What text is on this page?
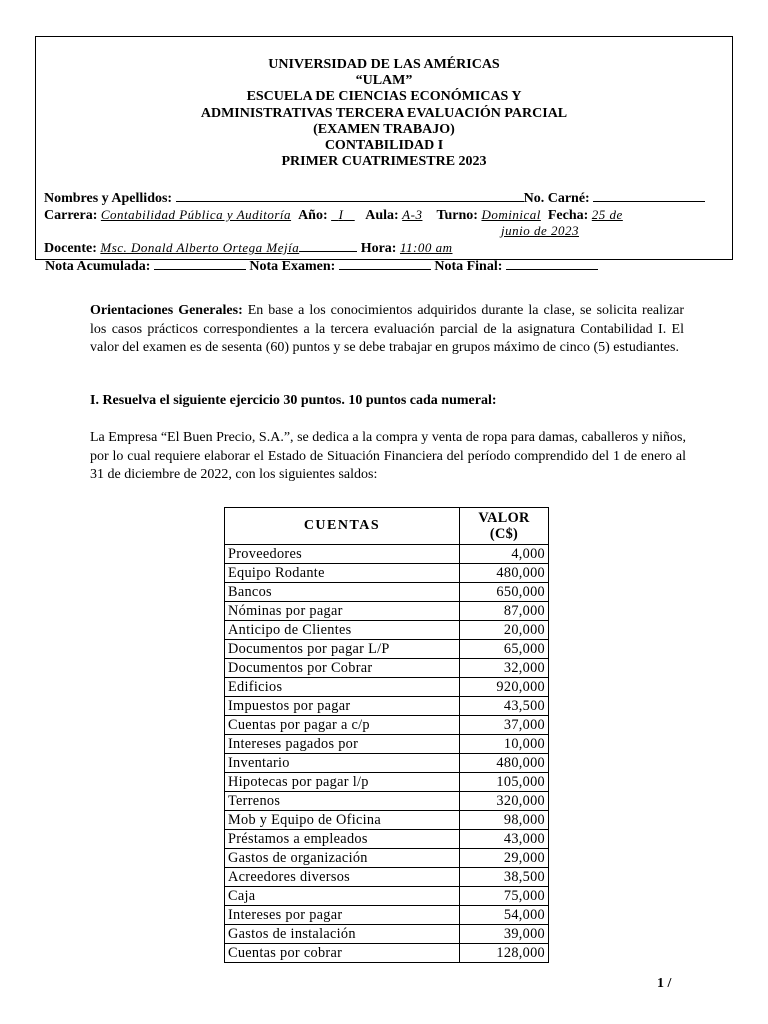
UNIVERSIDAD DE LAS AMÉRICAS
“ULAM”
ESCUELA DE CIENCIAS ECONÓMICAS Y
ADMINISTRATIVAS TERCERA EVALUACIÓN PARCIAL
(EXAMEN TRABAJO)
CONTABILIDAD I
PRIMER CUATRIMESTRE 2023
Nombres y Apellidos:	No. Carné:
Carrera: Contabilidad Pública y Auditoría Año: I Aula: A-3 Turno: Dominical Fecha: 25 de
junio de 2023
Docente: Msc. Donald Alberto Ortega Mejía	Hora: 11:00 am
Nota Acumulada:	Nota Examen:	Nota Final:
Orientaciones Generales: En base a los conocimientos adquiridos durante la clase, se solicita realizar los casos prácticos correspondientes a la tercera evaluación parcial de la asignatura Contabilidad I. El valor del examen es de sesenta (60) puntos y se debe trabajar en grupos máximo de cinco (5) estudiantes.
I. Resuelva el siguiente ejercicio 30 puntos. 10 puntos cada numeral:
La Empresa “El Buen Precio, S.A.”, se dedica a la compra y venta de ropa para damas, caballeros y niños, por lo cual requiere elaborar el Estado de Situación Financiera del período comprendido del 1 de enero al 31 de diciembre de 2022, con los siguientes saldos:
CUENTAS	VALOR
(C$)

Proveedores	4,000
Equipo Rodante	480,000
Bancos	650,000
Nóminas por pagar	87,000
Anticipo de Clientes	20,000
Documentos por pagar L/P	65,000
Documentos por Cobrar	32,000
Edificios	920,000
Impuestos por pagar	43,500
Cuentas por pagar a c/p	37,000
Intereses pagados por	10,000
Inventario	480,000
Hipotecas por pagar l/p	105,000
Terrenos	320,000
Mob y Equipo de Oficina	98,000
Préstamos a empleados	43,000
Gastos de organización	29,000
Acreedores diversos	38,500
Caja	75,000
Intereses por pagar	54,000
Gastos de instalación	39,000
Cuentas por cobrar	128,000
1 /
